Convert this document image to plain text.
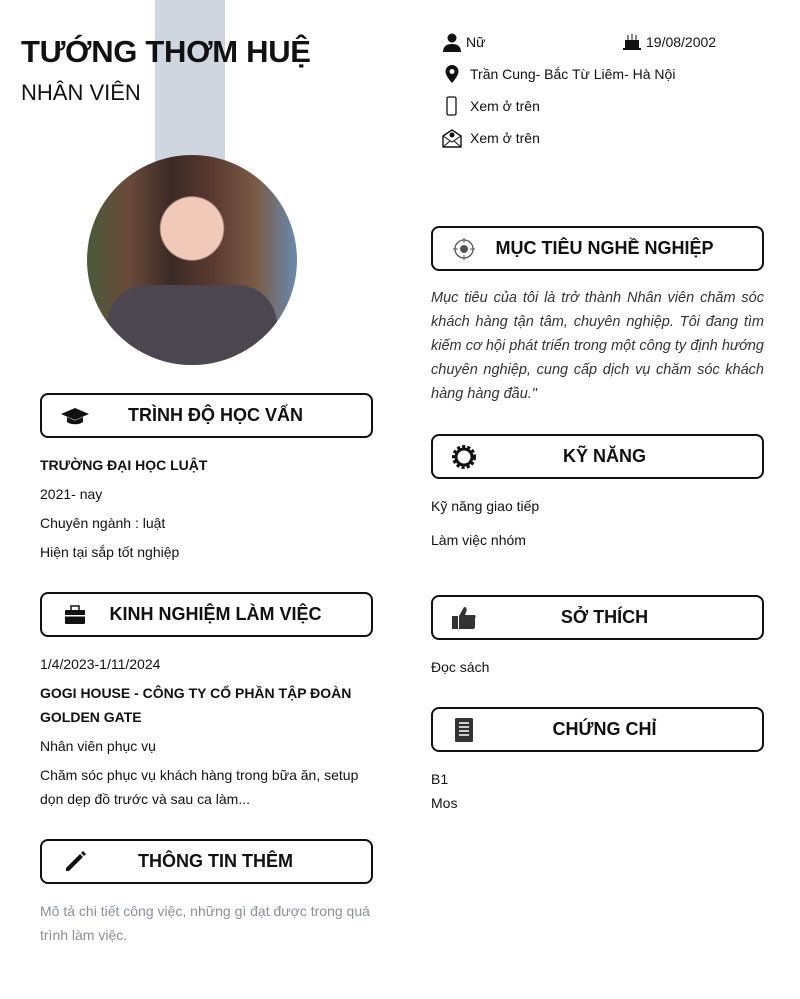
TƯỚNG THƠM HUỆ
NHÂN VIÊN
Nữ	19/08/2002
Trần Cung- Bắc Từ Liêm- Hà Nội
Xem ở trên
Xem ở trên
TRÌNH ĐỘ HỌC VẤN
TRƯỜNG ĐẠI HỌC LUẬT
2021- nay
Chuyên ngành : luật
Hiện tại sắp tốt nghiệp
KINH NGHIỆM LÀM VIỆC
1/4/2023-1/11/2024
GOGI HOUSE - CÔNG TY CỔ PHẦN TẬP ĐOÀN GOLDEN GATE
Nhân viên phục vụ
Chăm sóc phục vụ khách hàng trong bữa ăn, setup dọn dẹp đồ trước và sau ca làm...
THÔNG TIN THÊM
Mô tả chi tiết công việc, những gì đạt được trong quá trình làm việc.
MỤC TIÊU NGHỀ NGHIỆP
Mục tiêu của tôi là trở thành Nhân viên chăm sóc khách hàng tận tâm, chuyên nghiệp. Tôi đang tìm kiếm cơ hội phát triển trong một công ty định hướng chuyên nghiệp, cung cấp dịch vụ chăm sóc khách hàng hàng đầu."
KỸ NĂNG
Kỹ năng giao tiếp
Làm việc nhóm
SỞ THÍCH
Đọc sách
CHỨNG CHỈ
B1
Mos
